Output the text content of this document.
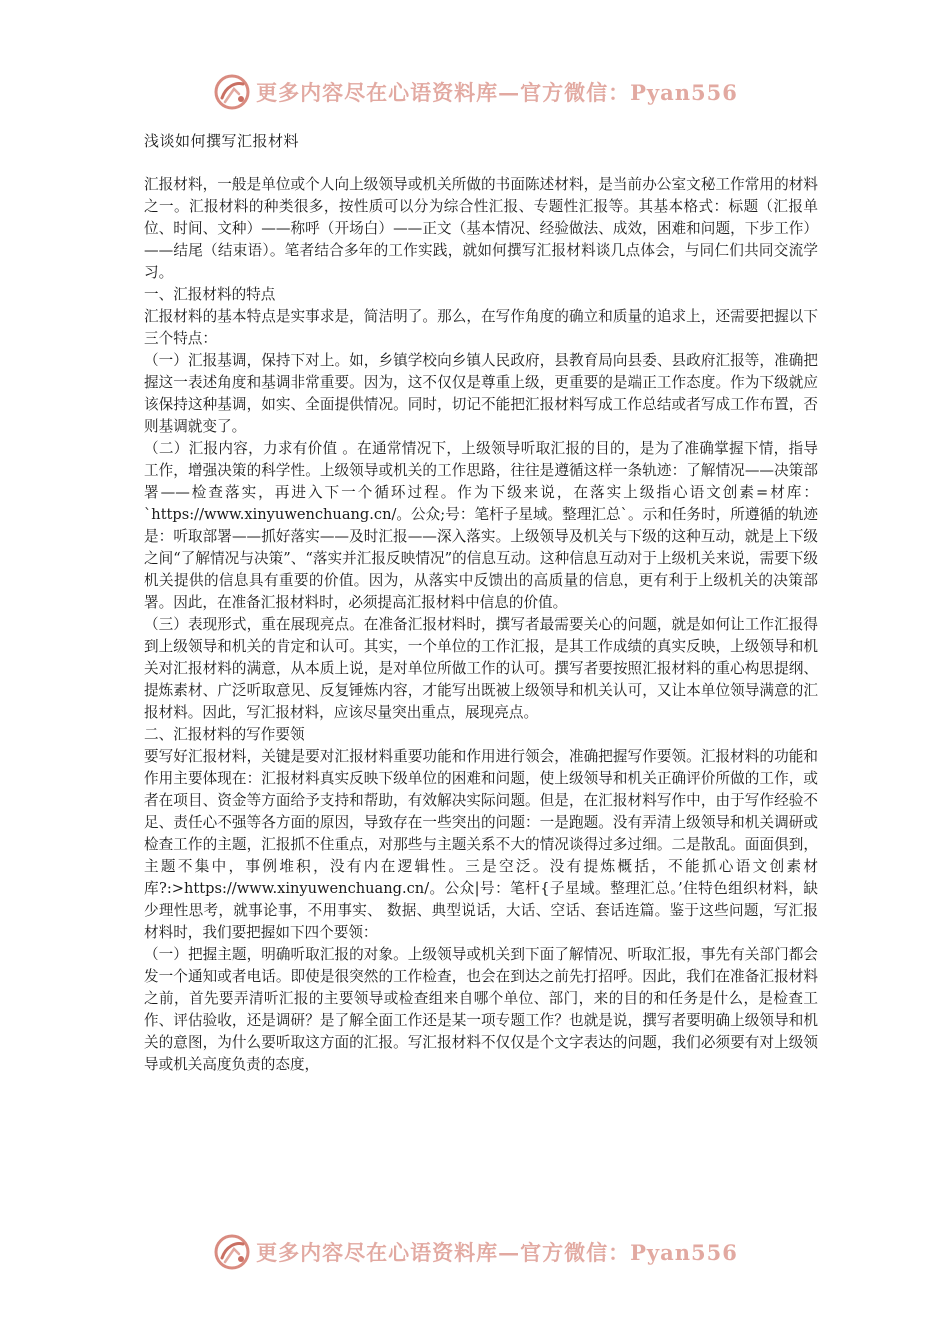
更多内容尽在心语资料库—官方微信：Pyan556
浅谈如何撰写汇报材料

汇报材料，一般是单位或个人向上级领导或机关所做的书面陈述材料，是当前办公室文秘工作常用的材料之一。汇报材料的种类很多，按性质可以分为综合性汇报、专题性汇报等。其基本格式：标题（汇报单位、时间、文种）——称呼（开场白）——正文（基本情况、经验做法、成效，困难和问题，下步工作）——结尾（结束语）。笔者结合多年的工作实践，就如何撰写汇报材料谈几点体会，与同仁们共同交流学习。

一、汇报材料的特点

汇报材料的基本特点是实事求是，简洁明了。那么，在写作角度的确立和质量的追求上，还需要把握以下三个特点：

（一）汇报基调，保持下对上。如，乡镇学校向乡镇人民政府，县教育局向县委、县政府汇报等，准确把握这一表述角度和基调非常重要。因为，这不仅仅是尊重上级，更重要的是端正工作态度。作为下级就应该保持这种基调，如实、全面提供情况。同时，切记不能把汇报材料写成工作总结或者写成工作布置，否则基调就变了。

（二）汇报内容，力求有价值 。在通常情况下，上级领导听取汇报的目的，是为了准确掌握下情，指导工作，增强决策的科学性。上级领导或机关的工作思路，往往是遵循这样一条轨迹：了解情况——决策部署——检查落实，再进入下一个循环过程。作为下级来说，在落实上级指心语文创素=材库：`https://www.xinyuwenchuang.cn/。公众;号：笔杆子星域。整理汇总`。示和任务时，所遵循的轨迹是：听取部署——抓好落实——及时汇报——深入落实。上级领导及机关与下级的这种互动，就是上下级之间“了解情况与决策”、“落实并汇报反映情况”的信息互动。这种信息互动对于上级机关来说，需要下级机关提供的信息具有重要的价值。因为，从落实中反馈出的高质量的信息，更有利于上级机关的决策部署。因此，在准备汇报材料时，必须提高汇报材料中信息的价值。

（三）表现形式，重在展现亮点。在准备汇报材料时，撰写者最需要关心的问题，就是如何让工作汇报得到上级领导和机关的肯定和认可。其实，一个单位的工作汇报，是其工作成绩的真实反映，上级领导和机关对汇报材料的满意，从本质上说，是对单位所做工作的认可。撰写者要按照汇报材料的重心构思提纲、提炼素材、广泛听取意见、反复锤炼内容，才能写出既被上级领导和机关认可，又让本单位领导满意的汇报材料。因此，写汇报材料，应该尽量突出重点，展现亮点。

二、汇报材料的写作要领

要写好汇报材料，关键是要对汇报材料重要功能和作用进行领会，准确把握写作要领。汇报材料的功能和作用主要体现在：汇报材料真实反映下级单位的困难和问题，使上级领导和机关正确评价所做的工作，或者在项目、资金等方面给予支持和帮助，有效解决实际问题。但是，在汇报材料写作中，由于写作经验不足、责任心不强等各方面的原因，导致存在一些突出的问题：一是跑题。没有弄清上级领导和机关调研或检查工作的主题，汇报抓不住重点，对那些与主题关系不大的情况谈得过多过细。二是散乱。面面俱到，主题不集中，事例堆积，没有内在逻辑性。三是空泛。没有提炼概括，不能抓心语文创素材库?:>https://www.xinyuwenchuang.cn/。公众|号：笔杆{子星域。整理汇总。’住特色组织材料，缺少理性思考，就事论事，不用事实、 数据、典型说话，大话、空话、套话连篇。鉴于这些问题，写汇报材料时，我们要把握如下四个要领：

（一）把握主题，明确听取汇报的对象。上级领导或机关到下面了解情况、听取汇报，事先有关部门都会发一个通知或者电话。即使是很突然的工作检查，也会在到达之前先打招呼。因此，我们在准备汇报材料之前，首先要弄清听汇报的主要领导或检查组来自哪个单位、部门，来的目的和任务是什么，是检查工作、评估验收，还是调研？是了解全面工作还是某一项专题工作？也就是说，撰写者要明确上级领导和机关的意图，为什么要听取这方面的汇报。写汇报材料不仅仅是个文字表达的问题，我们必须要有对上级领导或机关高度负责的态度，

更多内容尽在心语资料库—官方微信：Pyan556
